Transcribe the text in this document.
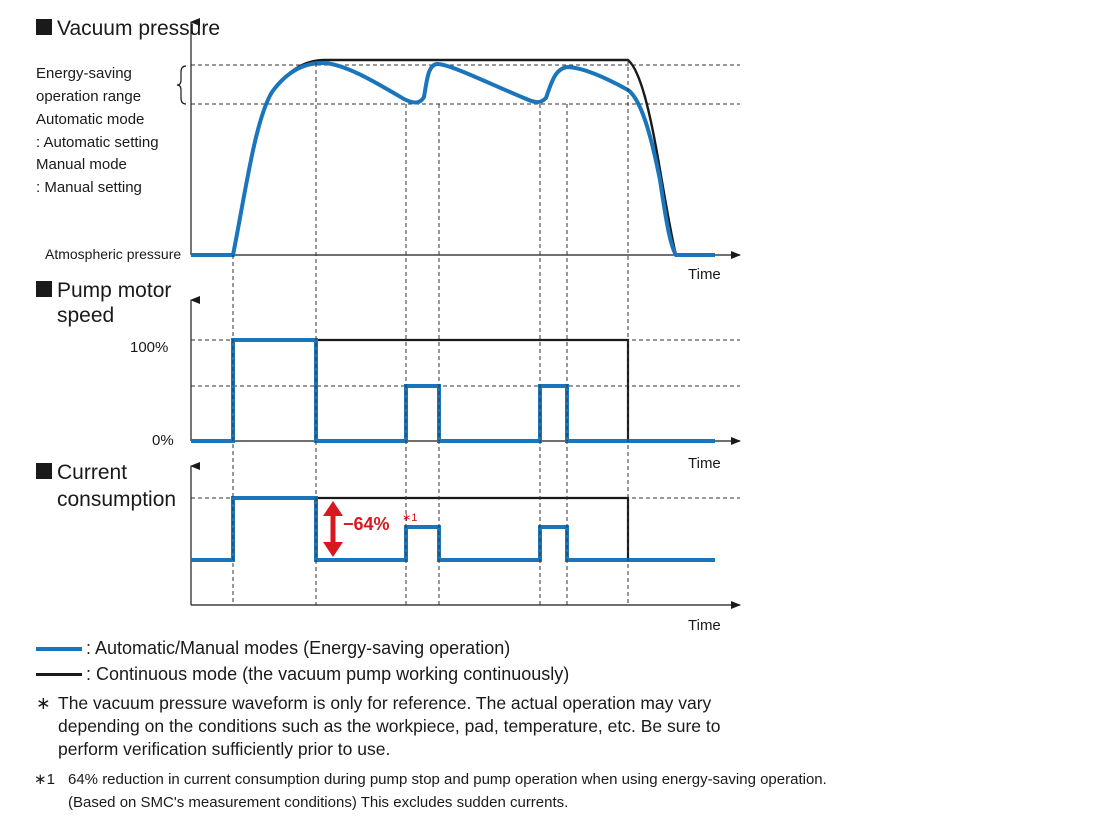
Vacuum pressure
Energy-saving
operation range
Automatic mode
: Automatic setting
Manual mode
: Manual setting
Atmospheric pressure
Time
Pump motor
speed
100%
0%
Time
Current
consumption
Time
−64% ∗1
: Automatic/Manual modes (Energy-saving operation)
: Continuous mode (the vacuum pump working continuously)
∗ The vacuum pressure waveform is only for reference. The actual operation may vary
depending on the conditions such as the workpiece, pad, temperature, etc. Be sure to
perform verification sufficiently prior to use.
∗1 64% reduction in current consumption during pump stop and pump operation when using energy-saving operation.
(Based on SMC's measurement conditions) This excludes sudden currents.
